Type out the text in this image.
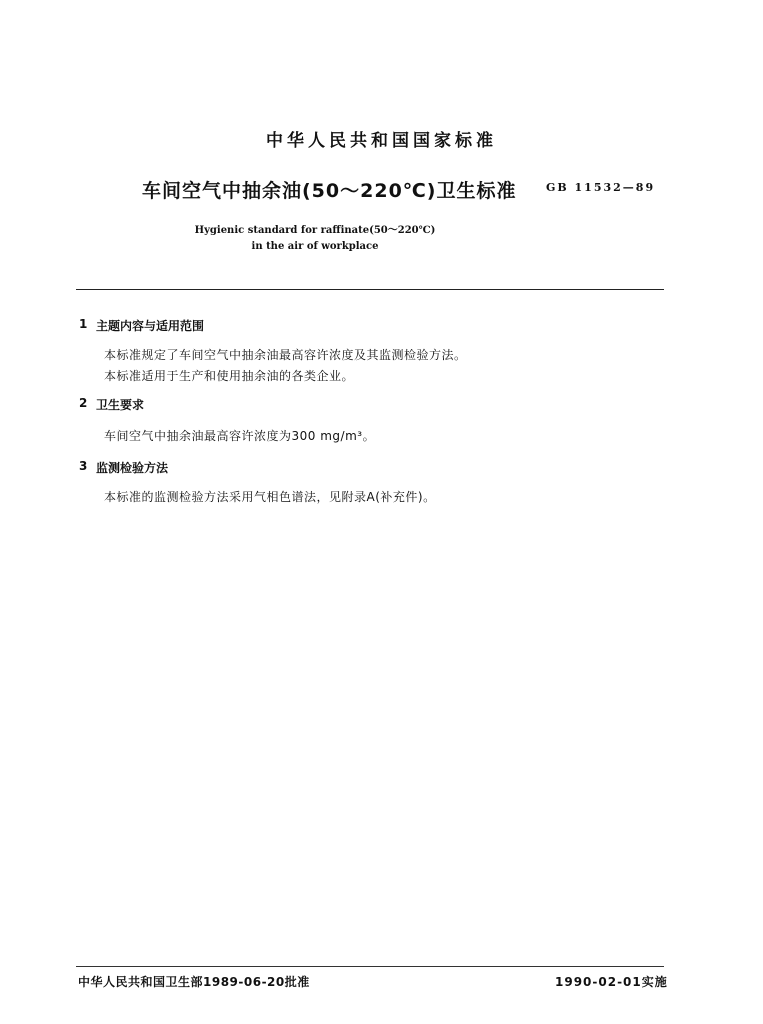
中华人民共和国国家标准
车间空气中抽余油(50～220℃)卫生标准	GB 11532—89
Hygienic standard for raffinate(50～220℃)
in the air of workplace
1 主题内容与适用范围
本标准规定了车间空气中抽余油最高容许浓度及其监测检验方法。
本标准适用于生产和使用抽余油的各类企业。
2 卫生要求
车间空气中抽余油最高容许浓度为300 mg/m³。
3 监测检验方法
本标准的监测检验方法采用气相色谱法，见附录A(补充件)。
中华人民共和国卫生部1989-06-20批准	1990-02-01实施
